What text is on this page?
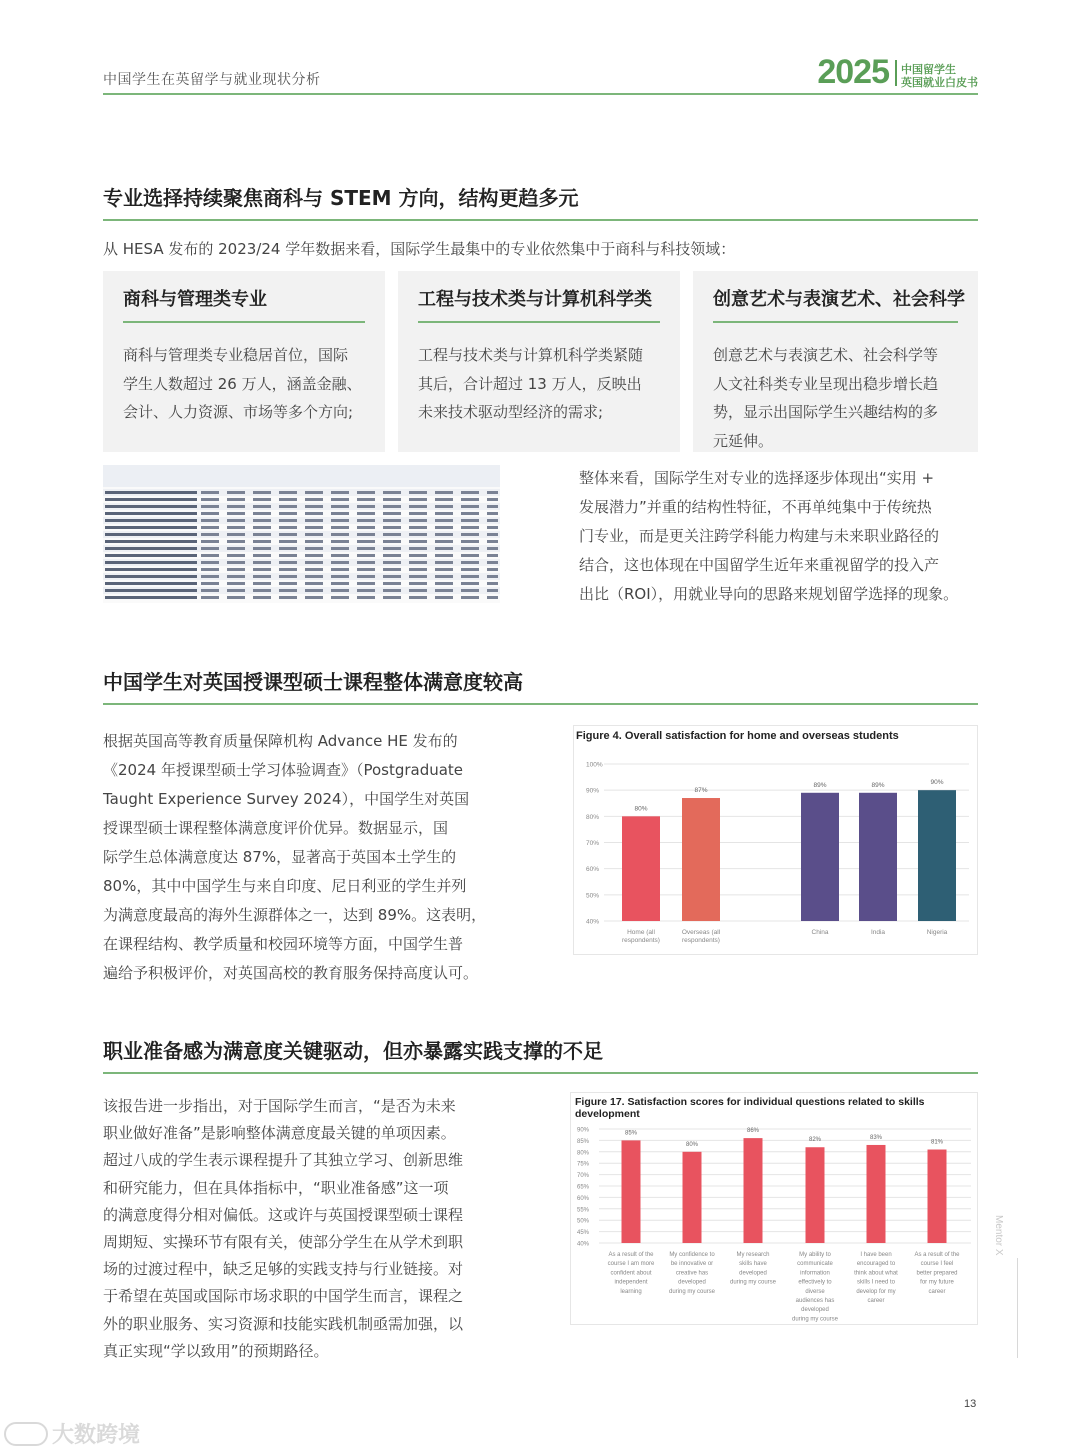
中国学生在英留学与就业现状分析	2025 中国留学生
英国就业白皮书
专业选择持续聚焦商科与 STEM 方向，结构更趋多元
从 HESA 发布的 2023/24 学年数据来看，国际学生最集中的专业依然集中于商科与科技领域：
商科与管理类专业
商科与管理类专业稳居首位，国际
学生人数超过 26 万人，涵盖金融、
会计、人力资源、市场等多个方向;
工程与技术类与计算机科学类
工程与技术类与计算机科学类紧随
其后，合计超过 13 万人，反映出
未来技术驱动型经济的需求;
创意艺术与表演艺术、社会科学
创意艺术与表演艺术、社会科学等
人文社科类专业呈现出稳步增长趋
势，显示出国际学生兴趣结构的多
元延伸。
整体来看，国际学生对专业的选择逐步体现出“实用 +
发展潜力”并重的结构性特征，不再单纯集中于传统热
门专业，而是更关注跨学科能力构建与未来职业路径的
结合，这也体现在中国留学生近年来重视留学的投入产
出比（ROI），用就业导向的思路来规划留学选择的现象。
中国学生对英国授课型硕士课程整体满意度较高
根据英国高等教育质量保障机构 Advance HE 发布的
《2024 年授课型硕士学习体验调查》（Postgraduate
Taught Experience Survey 2024），中国学生对英国
授课型硕士课程整体满意度评价优异。数据显示，国
际学生总体满意度达 87%，显著高于英国本土学生的
80%，其中中国学生与来自印度、尼日利亚的学生并列
为满意度最高的海外生源群体之一，达到 89%。这表明，
在课程结构、教学质量和校园环境等方面，中国学生普
遍给予积极评价，对英国高校的教育服务保持高度认可。
Figure 4. Overall satisfaction for home and overseas students
100%
90%
80%
70%
60%
50%
40%
80%
Home (all respondents)
87%
Overseas (all respondents)
89%
China
89%
India
90%
Nigeria
职业准备感为满意度关键驱动，但亦暴露实践支撑的不足
该报告进一步指出，对于国际学生而言，“是否为未来
职业做好准备”是影响整体满意度最关键的单项因素。
超过八成的学生表示课程提升了其独立学习、创新思维
和研究能力，但在具体指标中，“职业准备感”这一项
的满意度得分相对偏低。这或许与英国授课型硕士课程
周期短、实操环节有限有关，使部分学生在从学术到职
场的过渡过程中，缺乏足够的实践支持与行业链接。对
于希望在英国或国际市场求职的中国学生而言，课程之
外的职业服务、实习资源和技能实践机制亟需加强，以
真正实现“学以致用”的预期路径。
Figure 17. Satisfaction scores for individual questions related to skills development
90%
85%
80%
75%
70%
65%
60%
55%
50%
45%
40%
85%
As a result of the course I am more confident about independent learning
80%
My confidence to be innovative or creative has developed during my course
86%
My research skills have developed during my course
82%
My ability to communicate information effectively to diverse audiences has developed during my course
83%
I have been encouraged to think about what skills I need to develop for my career
81%
As a result of the course I feel better prepared for my future career
Mentor X
13
大数跨境
